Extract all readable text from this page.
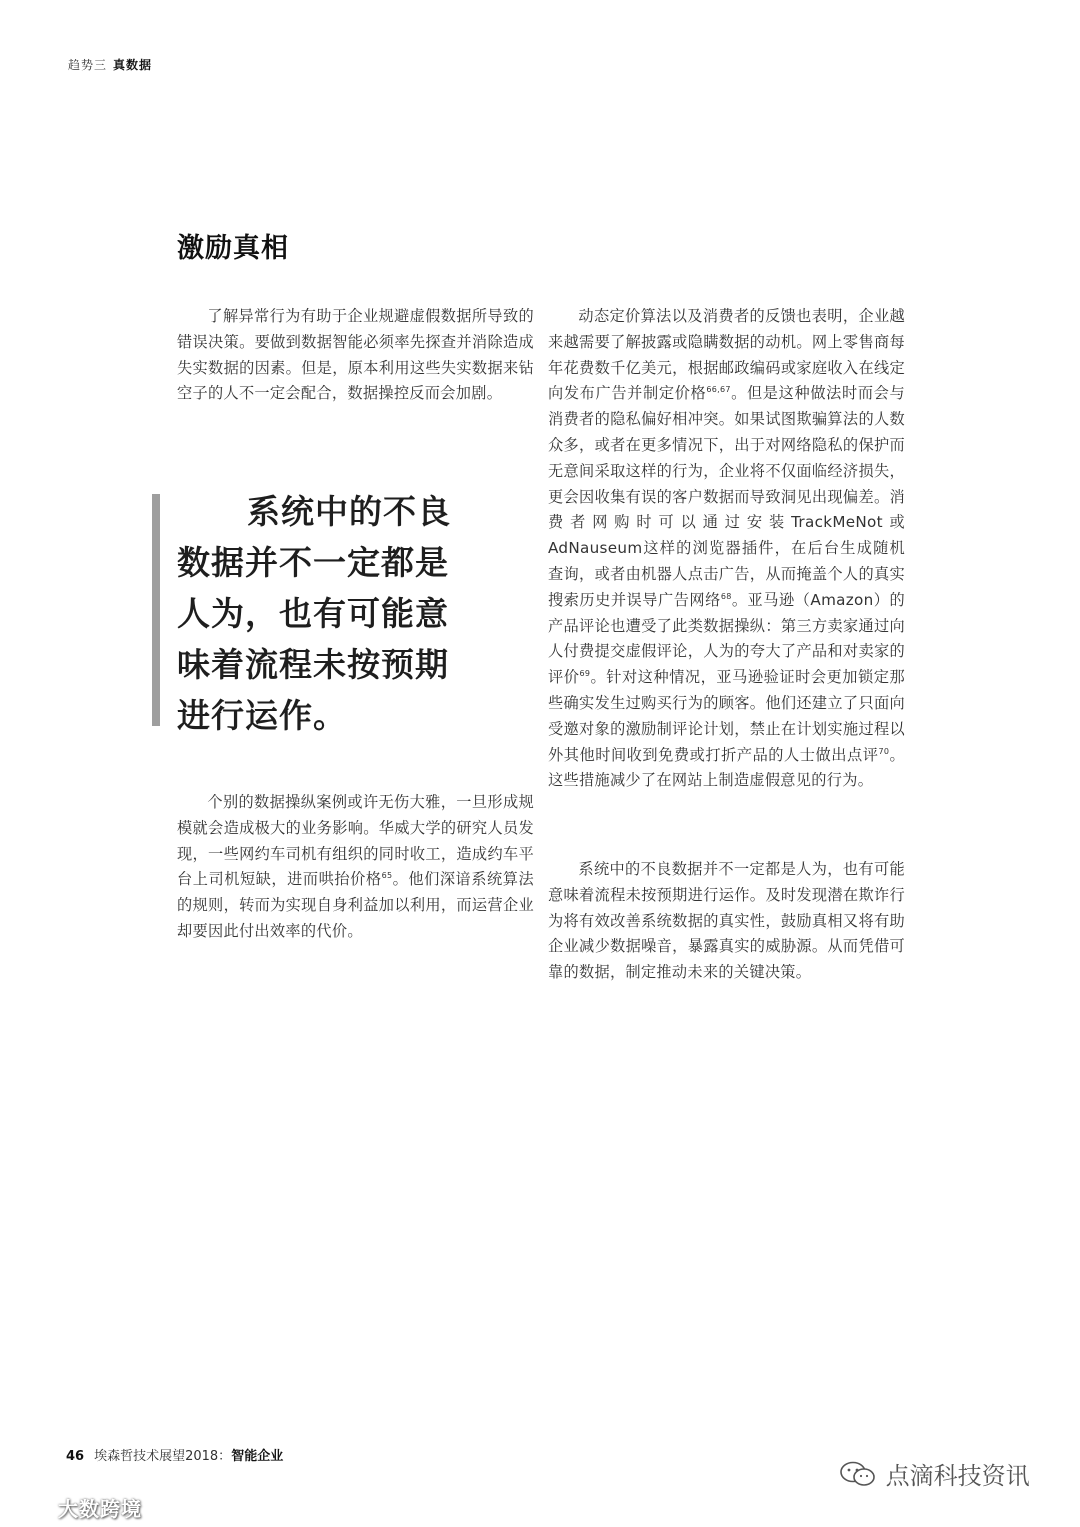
趋势三 真数据
激励真相

了解异常行为有助于企业规避虚假数据所导致的错误决策。要做到数据智能必须率先探查并消除造成失实数据的因素。但是，原本利用这些失实数据来钻空子的人不一定会配合，数据操控反而会加剧。

系统中的不良
数据并不一定都是人为，也有可能意味着流程未按预期进行运作。

个别的数据操纵案例或许无伤大雅，一旦形成规模就会造成极大的业务影响。华威大学的研究人员发现，一些网约车司机有组织的同时收工，造成约车平台上司机短缺，进而哄抬价格$^{65}$。他们深谙系统算法的规则，转而为实现自身利益加以利用，而运营企业却要因此付出效率的代价。

动态定价算法以及消费者的反馈也表明，企业越来越需要了解披露或隐瞒数据的动机。网上零售商每年花费数千亿美元，根据邮政编码或家庭收入在线定向发布广告并制定价格$^{66,67}$。但是这种做法时而会与消费者的隐私偏好相冲突。如果试图欺骗算法的人数众多，或者在更多情况下，出于对网络隐私的保护而无意间采取这样的行为，企业将不仅面临经济损失，更会因收集有误的客户数据而导致洞见出现偏差。消费者网购时可以通过安装TrackMeNot或AdNauseum这样的浏览器插件，在后台生成随机查询，或者由机器人点击广告，从而掩盖个人的真实搜索历史并误导广告网络$^{68}$。亚马逊（Amazon）的产品评论也遭受了此类数据操纵：第三方卖家通过向人付费提交虚假评论，人为的夸大了产品和对卖家的评价$^{69}$。针对这种情况，亚马逊验证时会更加锁定那些确实发生过购买行为的顾客。他们还建立了只面向受邀对象的激励制评论计划，禁止在计划实施过程以外其他时间收到免费或打折产品的人士做出点评$^{70}$。这些措施减少了在网站上制造虚假意见的行为。

系统中的不良数据并不一定都是人为，也有可能意味着流程未按预期进行运作。及时发现潜在欺诈行为将有效改善系统数据的真实性，鼓励真相又将有助企业减少数据噪音，暴露真实的威胁源。从而凭借可靠的数据，制定推动未来的关键决策。

46 埃森哲技术展望2018：智能企业
点滴科技资讯
大数跨境
